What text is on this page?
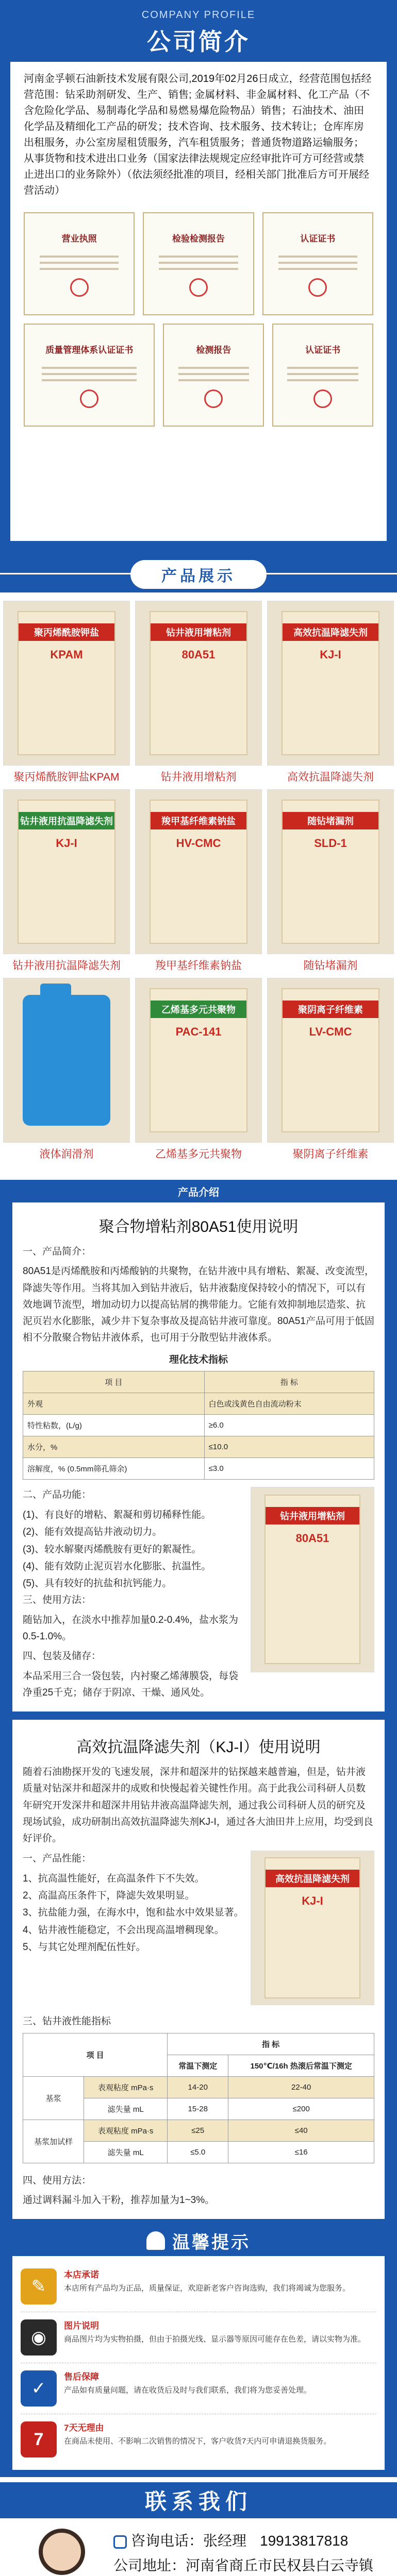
COMPANY PROFILE
公司简介
河南金孚顿石油新技术发展有限公司,2019年02月26日成立，经营范围包括经营范围：钻采助剂研发、生产、销售; 金属材料、非金属材料、化工产品（不含危险化学品、易制毒化学品和易燃易爆危险物品）销售；石油技术、油田化学品及精细化工产品的研发；技术咨询、技术服务、技术转让；仓库库房出租服务，办公室房屋租赁服务，汽车租赁服务；普通货物道路运输服务；从事货物和技术进出口业务（国家法律法规规定应经审批许可方可经营或禁止进出口的业务除外）（依法须经批准的项目，经相关部门批准后方可开展经营活动）
营业执照	检验检测报告	认证证书
质量管理体系认证证书	检测报告	认证证书
产品展示
聚丙烯酰胺钾盐
KPAM
聚丙烯酰胺钾盐KPAM
钻井液用增粘剂
80A51
钻井液用增粘剂
高效抗温降滤失剂
KJ-I
高效抗温降滤失剂
钻井液用抗温降滤失剂
KJ-I
钻井液用抗温降滤失剂
羧甲基纤维素钠盐
HV-CMC
羧甲基纤维素钠盐
随钻堵漏剂
SLD-1
随钻堵漏剂
液体润滑剂
乙烯基多元共聚物
PAC-141
乙烯基多元共聚物
聚阴离子纤维素
LV-CMC
聚阴离子纤维素
产品介绍
聚合物增粘剂80A51使用说明
一、产品简介：
80A51是丙烯酰胺和丙烯酸钠的共聚物，在钻井液中具有增粘、絮凝、改变流型，降滤失等作用。当将其加入到钻井液后，钻井液黏度保持较小的情况下，可以有效地调节流型，增加动切力以提高钻屑的携带能力。它能有效抑制地层造浆、抗泥页岩水化膨胀，减少井下复杂事故及提高钻井液可靠度。80A51产品可用于低固相不分散聚合物钻井液体系，也可用于分散型钻井液体系。
理化技术指标
项 目	指 标
外观	白色或浅黄色自由流动粉末
特性粘数，(L/g)	≥6.0
水分，%	≤10.0
溶解度，% (0.5mm筛孔筛余)	≤3.0
二、产品功能：
(1)、有良好的增粘、絮凝和剪切稀释性能。
(2)、能有效提高钻井液动切力。
(3)、较水解聚丙烯酰胺有更好的絮凝性。
(4)、能有效防止泥页岩水化膨胀、抗温性。
(5)、具有较好的抗盐和抗钙能力。
三、使用方法：
随钻加入，在淡水中推荐加量0.2-0.4%，盐水浆为0.5-1.0%。
四、包装及储存：
本品采用三合一袋包装，内衬聚乙烯薄膜袋，每袋净重25千克；储存于阴凉、干燥、通风处。
钻井液用增粘剂
80A51
高效抗温降滤失剂（KJ-I）使用说明
随着石油勘探开发的飞速发展，深井和超深井的钻探越来越普遍，但是，钻井液质量对钻深井和超深井的成败和快慢起着关键性作用。高于此我公司科研人员数年研究开发深井和超深井用钻井液高温降滤失剂，通过我公司科研人员的研究及现场试验，成功研制出高效抗温降滤失剂KJ-I，通过各大油田井上应用，均受到良好评价。
一、产品性能：
1、抗高温性能好，在高温条件下不失效。
2、高温高压条件下，降滤失效果明显。
3、抗盐能力强，在海水中，饱和盐水中效果显著。
4、钻井液性能稳定，不会出现高温增稠现象。
5、与其它处理剂配伍性好。
高效抗温降滤失剂
KJ-I
三、钻井液性能指标
项 目		指 标	
		常温下测定	150℃/16h 热滚后常温下测定
基浆	表观粘度 mPa·s	14-20	22-40
	滤失量 mL	15-28	≤200
基浆加试样	表观粘度 mPa·s	≤25	≤40
	滤失量 mL	≤5.0	≤16
四、使用方法：
通过调料漏斗加入干粉，推荐加量为1~3%。
温馨提示
✎
本店承诺
本店所有产品均为正品，质量保证，欢迎新老客户咨询选购，我们将竭诚为您服务。
◉
图片说明
商品图片均为实物拍摄，但由于拍摄光线、显示器等原因可能存在色差，请以实物为准。
✓
售后保障
产品如有质量问题，请在收货后及时与我们联系，我们将为您妥善处理。
7
7天无理由
在商品未使用、不影响二次销售的情况下，客户收货7天内可申请退换货服务。
联系我们
咨询电话：张经理 19913817818
公司地址：河南省商丘市民权县白云寺镇
